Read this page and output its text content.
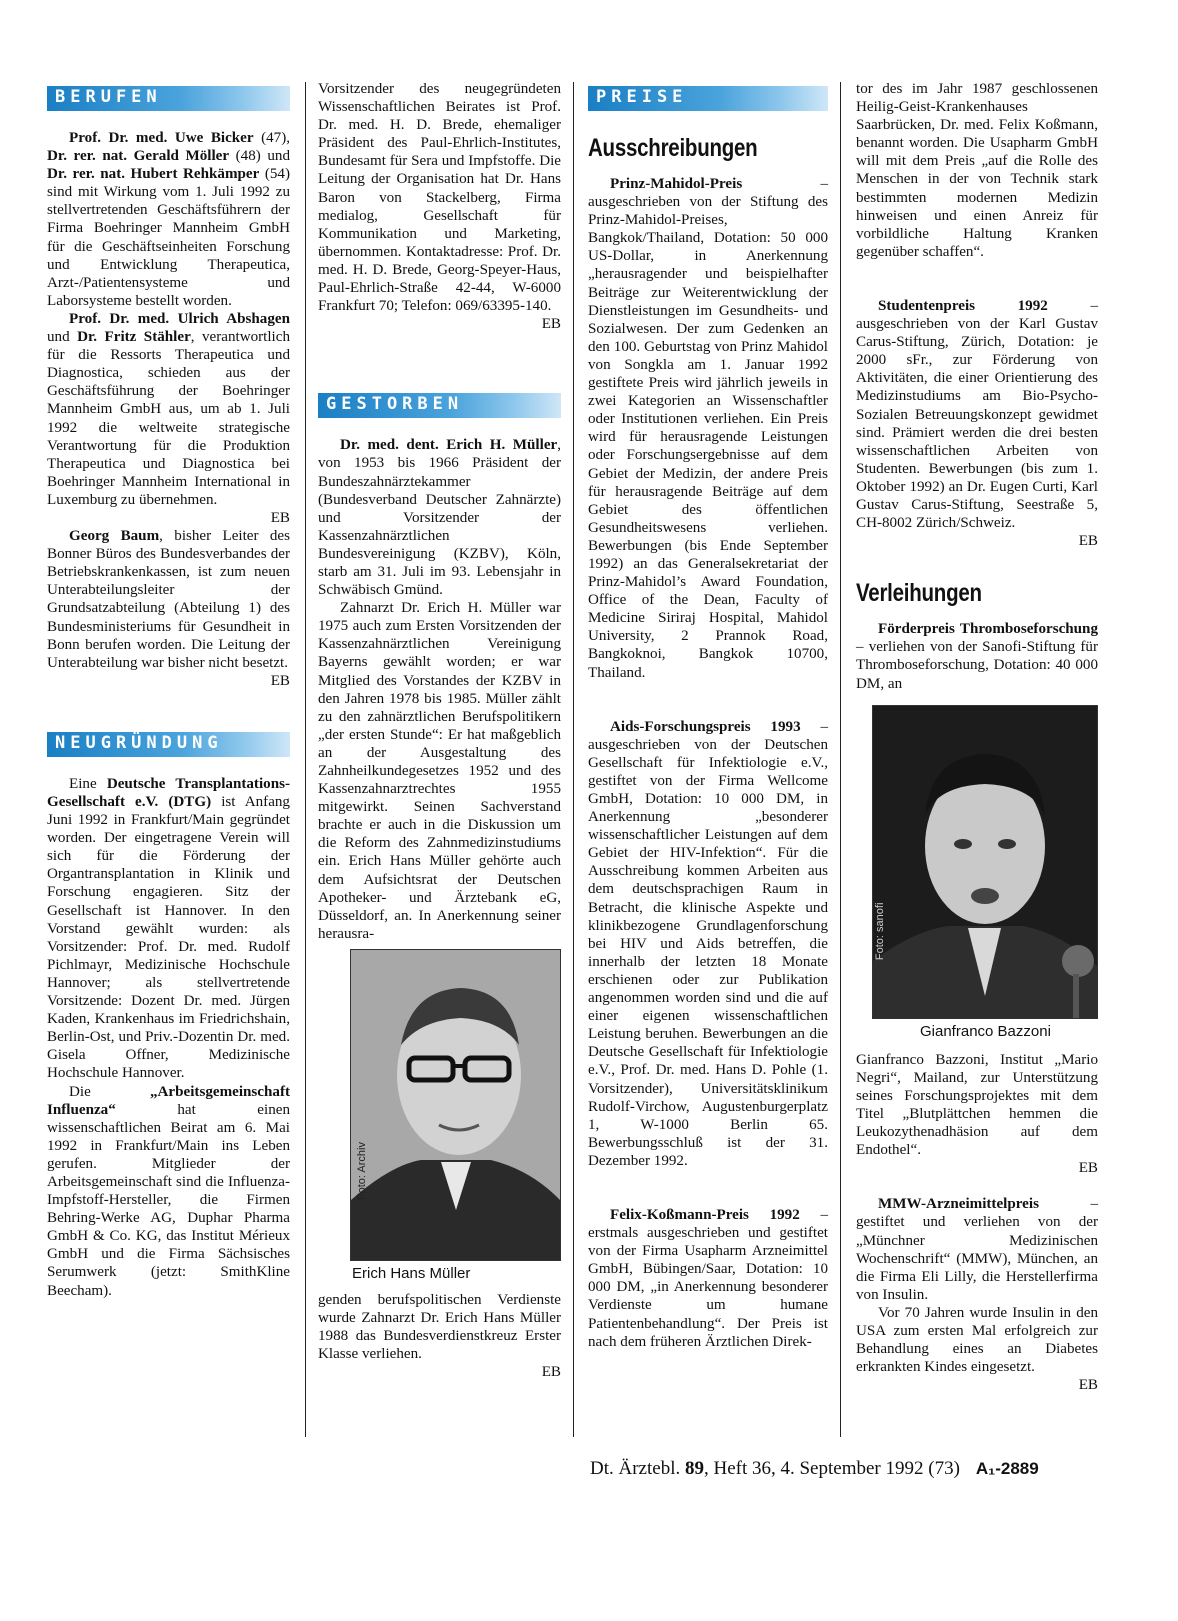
BERUFEN

Prof. Dr. med. Uwe Bicker (47), Dr. rer. nat. Gerald Möller (48) und Dr. rer. nat. Hubert Rehkämper (54) sind mit Wirkung vom 1. Juli 1992 zu stellvertretenden Geschäftsführern der Firma Boehringer Mannheim GmbH für die Geschäftseinheiten Forschung und Entwicklung Therapeutica, Arzt-/Patientensysteme und Laborsysteme bestellt worden.

Prof. Dr. med. Ulrich Abshagen und Dr. Fritz Stähler, verantwortlich für die Ressorts Therapeutica und Diagnostica, schieden aus der Geschäftsführung der Boehringer Mannheim GmbH aus, um ab 1. Juli 1992 die weltweite strategische Verantwortung für die Produktion Therapeutica und Diagnostica bei Boehringer Mannheim International in Luxemburg zu übernehmen.
EB

Georg Baum, bisher Leiter des Bonner Büros des Bundesverbandes der Betriebskrankenkassen, ist zum neuen Unterabteilungsleiter der Grundsatzabteilung (Abteilung 1) des Bundesministeriums für Gesundheit in Bonn berufen worden. Die Leitung der Unterabteilung war bisher nicht besetzt.
EB

NEUGRÜNDUNG

Eine Deutsche Transplantations-Gesellschaft e.V. (DTG) ist Anfang Juni 1992 in Frankfurt/Main gegründet worden. Der eingetragene Verein will sich für die Förderung der Organtransplantation in Klinik und Forschung engagieren. Sitz der Gesellschaft ist Hannover. In den Vorstand gewählt wurden: als Vorsitzender: Prof. Dr. med. Rudolf Pichlmayr, Medizinische Hochschule Hannover; als stellvertretende Vorsitzende: Dozent Dr. med. Jürgen Kaden, Krankenhaus im Friedrichshain, Berlin-Ost, und Priv.-Dozentin Dr. med. Gisela Offner, Medizinische Hochschule Hannover.

Die „Arbeitsgemeinschaft Influenza“ hat einen wissenschaftlichen Beirat am 6. Mai 1992 in Frankfurt/Main ins Leben gerufen. Mitglieder der Arbeitsgemeinschaft sind die Influenza-Impfstoff-Hersteller, die Firmen Behring-Werke AG, Duphar Pharma GmbH & Co. KG, das Institut Mérieux GmbH und die Firma Sächsisches Serumwerk (jetzt: SmithKline Beecham).

Vorsitzender des neugegründeten Wissenschaftlichen Beirates ist Prof. Dr. med. H. D. Brede, ehemaliger Präsident des Paul-Ehrlich-Institutes, Bundesamt für Sera und Impfstoffe. Die Leitung der Organisation hat Dr. Hans Baron von Stackelberg, Firma medialog, Gesellschaft für Kommunikation und Marketing, übernommen. Kontaktadresse: Prof. Dr. med. H. D. Brede, Georg-Speyer-Haus, Paul-Ehrlich-Straße 42-44, W-6000 Frankfurt 70; Telefon: 069/63395-140.
EB

GESTORBEN

Dr. med. dent. Erich H. Müller, von 1953 bis 1966 Präsident der Bundeszahnärztekammer (Bundesverband Deutscher Zahnärzte) und Vorsitzender der Kassenzahnärztlichen Bundesvereinigung (KZBV), Köln, starb am 31. Juli im 93. Lebensjahr in Schwäbisch Gmünd.

Zahnarzt Dr. Erich H. Müller war 1975 auch zum Ersten Vorsitzenden der Kassenzahnärztlichen Vereinigung Bayerns gewählt worden; er war Mitglied des Vorstandes der KZBV in den Jahren 1978 bis 1985. Müller zählt zu den zahnärztlichen Berufspolitikern „der ersten Stunde“: Er hat maßgeblich an der Ausgestaltung des Zahnheilkundegesetzes 1952 und des Kassenzahnarztrechtes 1955 mitgewirkt. Seinen Sachverstand brachte er auch in die Diskussion um die Reform des Zahnmedizinstudiums ein. Erich Hans Müller gehörte auch dem Aufsichtsrat der Deutschen Apotheker- und Ärztebank eG, Düsseldorf, an. In Anerkennung seiner herausra-

Foto: Archiv
Erich Hans Müller

genden berufspolitischen Verdienste wurde Zahnarzt Dr. Erich Hans Müller 1988 das Bundesverdienstkreuz Erster Klasse verliehen.
EB

PREISE
Ausschreibungen

Prinz-Mahidol-Preis – ausgeschrieben von der Stiftung des Prinz-Mahidol-Preises, Bangkok/Thailand, Dotation: 50 000 US-Dollar, in Anerkennung „herausragender und beispielhafter Beiträge zur Weiterentwicklung der Dienstleistungen im Gesundheits- und Sozialwesen. Der zum Gedenken an den 100. Geburtstag von Prinz Mahidol von Songkla am 1. Januar 1992 gestiftete Preis wird jährlich jeweils in zwei Kategorien an Wissenschaftler oder Institutionen verliehen. Ein Preis wird für herausragende Leistungen oder Forschungsergebnisse auf dem Gebiet der Medizin, der andere Preis für herausragende Beiträge auf dem Gebiet des öffentlichen Gesundheitswesens verliehen. Bewerbungen (bis Ende September 1992) an das Generalsekretariat der Prinz-Mahidol’s Award Foundation, Office of the Dean, Faculty of Medicine Siriraj Hospital, Mahidol University, 2 Prannok Road, Bangkoknoi, Bangkok 10700, Thailand.

Aids-Forschungspreis 1993 – ausgeschrieben von der Deutschen Gesellschaft für Infektiologie e.V., gestiftet von der Firma Wellcome GmbH, Dotation: 10 000 DM, in Anerkennung „besonderer wissenschaftlicher Leistungen auf dem Gebiet der HIV-Infektion“. Für die Ausschreibung kommen Arbeiten aus dem deutschsprachigen Raum in Betracht, die klinische Aspekte und klinikbezogene Grundlagenforschung bei HIV und Aids betreffen, die innerhalb der letzten 18 Monate erschienen oder zur Publikation angenommen worden sind und die auf einer eigenen wissenschaftlichen Leistung beruhen. Bewerbungen an die Deutsche Gesellschaft für Infektiologie e.V., Prof. Dr. med. Hans D. Pohle (1. Vorsitzender), Universitätsklinikum Rudolf-Virchow, Augustenburgerplatz 1, W-1000 Berlin 65. Bewerbungsschluß ist der 31. Dezember 1992.

Felix-Koßmann-Preis 1992 – erstmals ausgeschrieben und gestiftet von der Firma Usapharm Arzneimittel GmbH, Bübingen/Saar, Dotation: 10 000 DM, „in Anerkennung besonderer Verdienste um humane Patientenbehandlung“. Der Preis ist nach dem früheren Ärztlichen Direk-

tor des im Jahr 1987 geschlossenen Heilig-Geist-Krankenhauses Saarbrücken, Dr. med. Felix Koßmann, benannt worden. Die Usapharm GmbH will mit dem Preis „auf die Rolle des Menschen in der von Technik stark bestimmten modernen Medizin hinweisen und einen Anreiz für vorbildliche Haltung Kranken gegenüber schaffen“.

Studentenpreis 1992 – ausgeschrieben von der Karl Gustav Carus-Stiftung, Zürich, Dotation: je 2000 sFr., zur Förderung von Aktivitäten, die einer Orientierung des Medizinstudiums am Bio-Psycho-Sozialen Betreuungskonzept gewidmet sind. Prämiert werden die drei besten wissenschaftlichen Arbeiten von Studenten. Bewerbungen (bis zum 1. Oktober 1992) an Dr. Eugen Curti, Karl Gustav Carus-Stiftung, Seestraße 5, CH-8002 Zürich/Schweiz.
EB

Verleihungen

Förderpreis Thromboseforschung – verliehen von der Sanofi-Stiftung für Thromboseforschung, Dotation: 40 000 DM, an

Foto: sanofi
Gianfranco Bazzoni

Gianfranco Bazzoni, Institut „Mario Negri“, Mailand, zur Unterstützung seines Forschungsprojektes mit dem Titel „Blutplättchen hemmen die Leukozythenadhäsion auf dem Endothel“.
EB

MMW-Arzneimittelpreis – gestiftet und verliehen von der „Münchner Medizinischen Wochenschrift“ (MMW), München, an die Firma Eli Lilly, die Herstellerfirma von Insulin.

Vor 70 Jahren wurde Insulin in den USA zum ersten Mal erfolgreich zur Behandlung eines an Diabetes erkrankten Kindes eingesetzt.
EB

Dt. Ärztebl. 89, Heft 36, 4. September 1992 (73) A₁-2889
